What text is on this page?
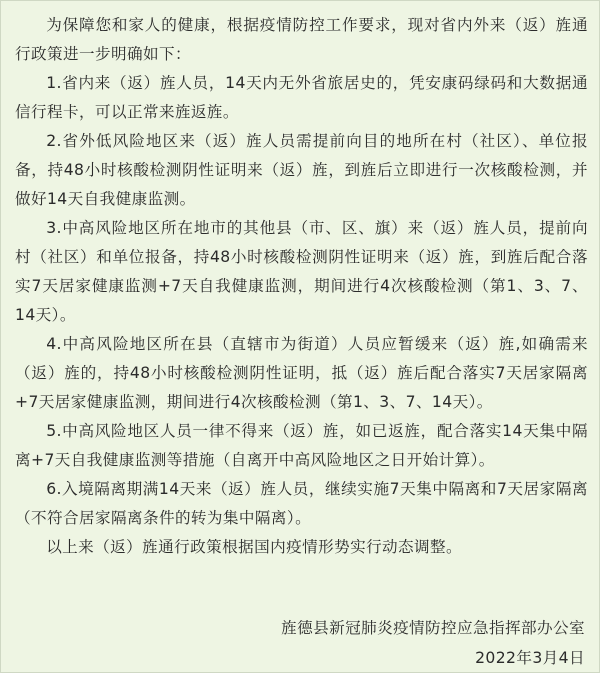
为保障您和家人的健康，根据疫情防控工作要求，现对省内外来（返）旌通行政策进一步明确如下：

1.省内来（返）旌人员，14天内无外省旅居史的，凭安康码绿码和大数据通信行程卡，可以正常来旌返旌。

2.省外低风险地区来（返）旌人员需提前向目的地所在村（社区）、单位报备，持48小时核酸检测阴性证明来（返）旌，到旌后立即进行一次核酸检测，并做好14天自我健康监测。

3.中高风险地区所在地市的其他县（市、区、旗）来（返）旌人员，提前向村（社区）和单位报备，持48小时核酸检测阴性证明来（返）旌，到旌后配合落实7天居家健康监测+7天自我健康监测，期间进行4次核酸检测（第1、3、7、14天）。

4.中高风险地区所在县（直辖市为街道）人员应暂缓来（返）旌,如确需来（返）旌的，持48小时核酸检测阴性证明，抵（返）旌后配合落实7天居家隔离+7天居家健康监测，期间进行4次核酸检测（第1、3、7、14天）。

5.中高风险地区人员一律不得来（返）旌，如已返旌，配合落实14天集中隔离+7天自我健康监测等措施（自离开中高风险地区之日开始计算）。

6.入境隔离期满14天来（返）旌人员，继续实施7天集中隔离和7天居家隔离（不符合居家隔离条件的转为集中隔离）。

以上来（返）旌通行政策根据国内疫情形势实行动态调整。

旌德县新冠肺炎疫情防控应急指挥部办公室
2022年3月4日
